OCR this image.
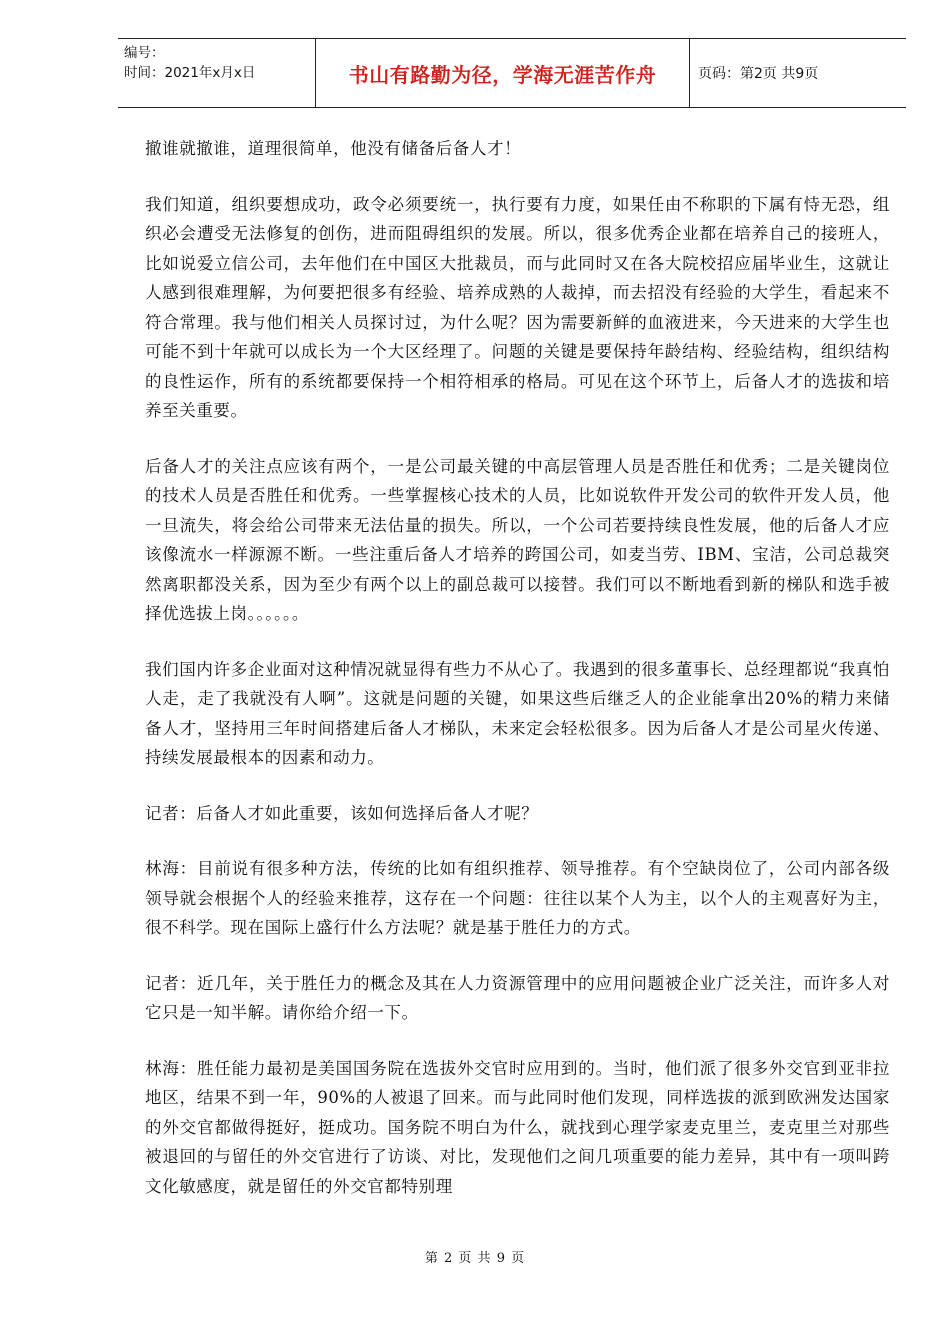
编号：
时间：2021年x月x日	书山有路勤为径，学海无涯苦作舟	页码：第2页 共9页

撤谁就撤谁，道理很简单，他没有储备后备人才！

我们知道，组织要想成功，政令必须要统一，执行要有力度，如果任由不称职的下属有恃无恐，组织必会遭受无法修复的创伤，进而阻碍组织的发展。所以，很多优秀企业都在培养自己的接班人，比如说爱立信公司，去年他们在中国区大批裁员，而与此同时又在各大院校招应届毕业生，这就让人感到很难理解，为何要把很多有经验、培养成熟的人裁掉，而去招没有经验的大学生，看起来不符合常理。我与他们相关人员探讨过，为什么呢？因为需要新鲜的血液进来，今天进来的大学生也可能不到十年就可以成长为一个大区经理了。问题的关键是要保持年龄结构、经验结构，组织结构的良性运作，所有的系统都要保持一个相符相承的格局。可见在这个环节上，后备人才的选拔和培养至关重要。

后备人才的关注点应该有两个，一是公司最关键的中高层管理人员是否胜任和优秀；二是关键岗位的技术人员是否胜任和优秀。一些掌握核心技术的人员，比如说软件开发公司的软件开发人员，他一旦流失，将会给公司带来无法估量的损失。所以，一个公司若要持续良性发展，他的后备人才应该像流水一样源源不断。一些注重后备人才培养的跨国公司，如麦当劳、IBM、宝洁，公司总裁突然离职都没关系，因为至少有两个以上的副总裁可以接替。我们可以不断地看到新的梯队和选手被择优选拔上岗。。。。。。

我们国内许多企业面对这种情况就显得有些力不从心了。我遇到的很多董事长、总经理都说“我真怕人走，走了我就没有人啊”。这就是问题的关键，如果这些后继乏人的企业能拿出20%的精力来储备人才，坚持用三年时间搭建后备人才梯队，未来定会轻松很多。因为后备人才是公司星火传递、持续发展最根本的因素和动力。

记者：后备人才如此重要，该如何选择后备人才呢？

林海：目前说有很多种方法，传统的比如有组织推荐、领导推荐。有个空缺岗位了，公司内部各级领导就会根据个人的经验来推荐，这存在一个问题：往往以某个人为主，以个人的主观喜好为主，很不科学。现在国际上盛行什么方法呢？就是基于胜任力的方式。

记者：近几年，关于胜任力的概念及其在人力资源管理中的应用问题被企业广泛关注，而许多人对它只是一知半解。请你给介绍一下。

林海：胜任能力最初是美国国务院在选拔外交官时应用到的。当时，他们派了很多外交官到亚非拉地区，结果不到一年，90%的人被退了回来。而与此同时他们发现，同样选拔的派到欧洲发达国家的外交官都做得挺好，挺成功。国务院不明白为什么，就找到心理学家麦克里兰，麦克里兰对那些被退回的与留任的外交官进行了访谈、对比，发现他们之间几项重要的能力差异，其中有一项叫跨文化敏感度，就是留任的外交官都特别理

第 2 页 共 9 页
